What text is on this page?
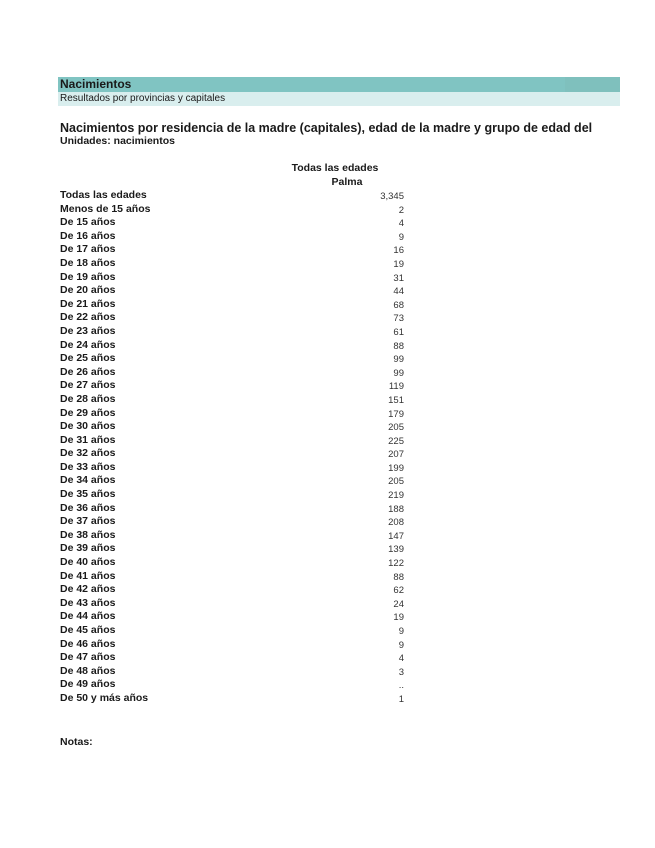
Nacimientos
Resultados por provincias y capitales
Nacimientos por residencia de la madre (capitales), edad de la madre y grupo de edad del
Unidades: nacimientos
Todas las edades
Palma
Todas las edades	3,345
Menos de 15 años	2
De 15 años	4
De 16 años	9
De 17 años	16
De 18 años	19
De 19 años	31
De 20 años	44
De 21 años	68
De 22 años	73
De 23 años	61
De 24 años	88
De 25 años	99
De 26 años	99
De 27 años	119
De 28 años	151
De 29 años	179
De 30 años	205
De 31 años	225
De 32 años	207
De 33 años	199
De 34 años	205
De 35 años	219
De 36 años	188
De 37 años	208
De 38 años	147
De 39 años	139
De 40 años	122
De 41 años	88
De 42 años	62
De 43 años	24
De 44 años	19
De 45 años	9
De 46 años	9
De 47 años	4
De 48 años	3
De 49 años	..
De 50 y más años	1
Notas:
